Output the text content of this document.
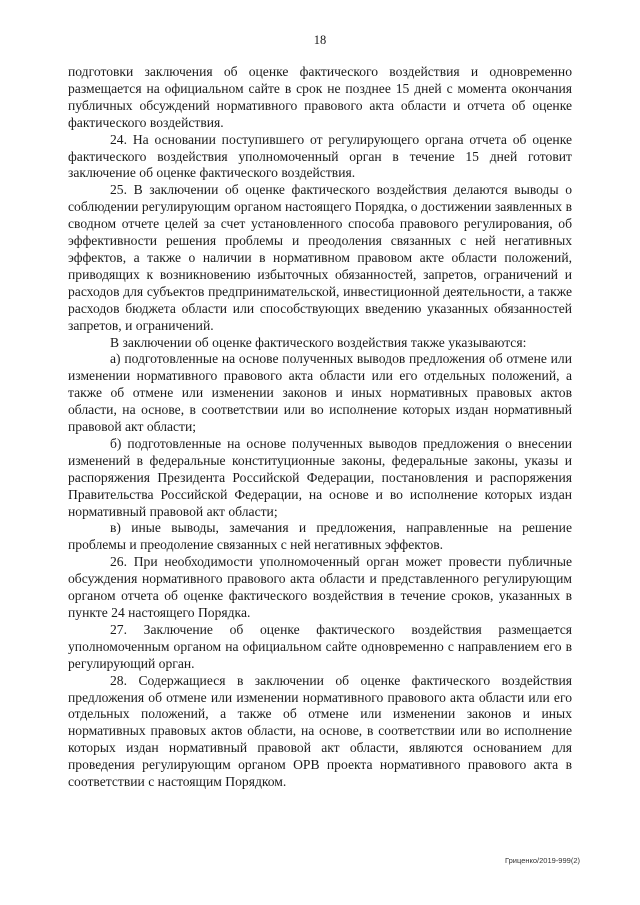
18

подготовки заключения об оценке фактического воздействия и одновременно размещается на официальном сайте в срок не позднее 15 дней с момента окончания публичных обсуждений нормативного правового акта области и отчета об оценке фактического воздействия.

24. На основании поступившего от регулирующего органа отчета об оценке фактического воздействия уполномоченный орган в течение 15 дней готовит заключение об оценке фактического воздействия.

25. В заключении об оценке фактического воздействия делаются выводы о соблюдении регулирующим органом настоящего Порядка, о достижении заявленных в сводном отчете целей за счет установленного способа правового регулирования, об эффективности решения проблемы и преодоления связанных с ней негативных эффектов, а также о наличии в нормативном правовом акте области положений, приводящих к возникновению избыточных обязанностей, запретов, ограничений и расходов для субъектов предпринимательской, инвестиционной деятельности, а также расходов бюджета области или способствующих введению указанных обязанностей запретов, и ограничений.

В заключении об оценке фактического воздействия также указываются:

а) подготовленные на основе полученных выводов предложения об отмене или изменении нормативного правового акта области или его отдельных положений, а также об отмене или изменении законов и иных нормативных правовых актов области, на основе, в соответствии или во исполнение которых издан нормативный правовой акт области;

б) подготовленные на основе полученных выводов предложения о внесении изменений в федеральные конституционные законы, федеральные законы, указы и распоряжения Президента Российской Федерации, постановления и распоряжения Правительства Российской Федерации, на основе и во исполнение которых издан нормативный правовой акт области;

в) иные выводы, замечания и предложения, направленные на решение проблемы и преодоление связанных с ней негативных эффектов.

26. При необходимости уполномоченный орган может провести публичные обсуждения нормативного правового акта области и представленного регулирующим органом отчета об оценке фактического воздействия в течение сроков, указанных в пункте 24 настоящего Порядка.

27. Заключение об оценке фактического воздействия размещается уполномоченным органом на официальном сайте одновременно с направлением его в регулирующий орган.

28. Содержащиеся в заключении об оценке фактического воздействия предложения об отмене или изменении нормативного правового акта области или его отдельных положений, а также об отмене или изменении законов и иных нормативных правовых актов области, на основе, в соответствии или во исполнение которых издан нормативный правовой акт области, являются основанием для проведения регулирующим органом ОРВ проекта нормативного правового акта в соответствии с настоящим Порядком.

Гриценко/2019-999(2)
